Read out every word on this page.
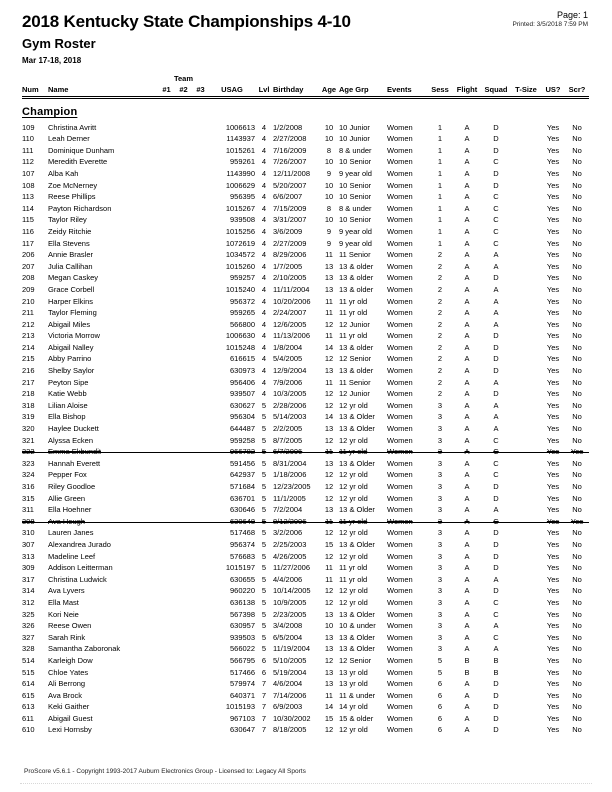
2018 Kentucky State Championships 4-10
Gym Roster
Mar 17-18, 2018
Page: 1
Printed: 3/5/2018 7:59 PM
		Team														
Num	Name	#1	#2	#3	USAG	Lvl	Birthday	Age	Age Grp	Events	Sess	Flight	Squad	T-Size	US?	Scr?
Champion																
109	Christina Avritt				1006613	4	1/2/2008	10	10 Junior	Women	1	A	D		Yes	No
110	Leah Derner				1143937	4	2/27/2008	10	10 Junior	Women	1	A	D		Yes	No
111	Dominique Dunham				1015261	4	7/16/2009	8	8 & under	Women	1	A	D		Yes	No
112	Meredith Everette				959261	4	7/26/2007	10	10 Senior	Women	1	A	C		Yes	No
107	Alba Kah				1143990	4	12/11/2008	9	9 year old	Women	1	A	D		Yes	No
108	Zoe McNerney				1006629	4	5/20/2007	10	10 Senior	Women	1	A	D		Yes	No
113	Reese Phillips				956395	4	6/6/2007	10	10 Senior	Women	1	A	C		Yes	No
114	Payton Richardson				1015267	4	7/15/2009	8	8 & under	Women	1	A	C		Yes	No
115	Taylor Riley				939508	4	3/31/2007	10	10 Senior	Women	1	A	C		Yes	No
116	Zeidy Ritchie				1015256	4	3/6/2009	9	9 year old	Women	1	A	C		Yes	No
117	Ella Stevens				1072619	4	2/27/2009	9	9 year old	Women	1	A	C		Yes	No
206	Annie Brasler				1034572	4	8/29/2006	11	11 Senior	Women	2	A	A		Yes	No
207	Julia Callihan				1015260	4	1/7/2005	13	13 & older	Women	2	A	A		Yes	No
208	Megan Caskey				959257	4	2/10/2005	13	13 & older	Women	2	A	D		Yes	No
209	Grace Corbell				1015240	4	11/11/2004	13	13 & older	Women	2	A	A		Yes	No
210	Harper Elkins				956372	4	10/20/2006	11	11 yr old	Women	2	A	A		Yes	No
211	Taylor Fleming				959265	4	2/24/2007	11	11 yr old	Women	2	A	A		Yes	No
212	Abigail Miles				566800	4	12/6/2005	12	12 Junior	Women	2	A	A		Yes	No
213	Victoria Morrow				1006630	4	11/13/2006	11	11 yr old	Women	2	A	D		Yes	No
214	Abigail Nalley				1015248	4	1/8/2004	14	13 & older	Women	2	A	D		Yes	No
215	Abby Parrino				616615	4	5/4/2005	12	12 Senior	Women	2	A	D		Yes	No
216	Shelby Saylor				630973	4	12/9/2004	13	13 & older	Women	2	A	D		Yes	No
217	Peyton Sipe				956406	4	7/9/2006	11	11 Senior	Women	2	A	A		Yes	No
218	Katie Webb				939507	4	10/3/2005	12	12 Junior	Women	2	A	D		Yes	No
318	Lilian Aloise				630627	5	2/28/2006	12	12 yr old	Women	3	A	A		Yes	No
319	Ella Bishop				956304	5	5/14/2003	14	13 & Older	Women	3	A	A		Yes	No
320	Haylee Duckett				644487	5	2/2/2005	13	13 & Older	Women	3	A	A		Yes	No
321	Alyssa Ecken				959258	5	8/7/2005	12	12 yr old	Women	3	A	C		Yes	No
322	Emma Ekbundit				966782	5	6/7/2006	11	11 yr old	Women	3	A	C		Yes	Yes
323	Hannah Everett				591456	5	8/31/2004	13	13 & Older	Women	3	A	C		Yes	No
324	Pepper Fox				642937	5	1/18/2006	12	12 yr old	Women	3	A	C		Yes	No
316	Riley Goodloe				571684	5	12/23/2005	12	12 yr old	Women	3	A	D		Yes	No
315	Allie Green				636701	5	11/1/2005	12	12 yr old	Women	3	A	D		Yes	No
311	Ella Hoehner				630646	5	7/2/2004	13	13 & Older	Women	3	A	A		Yes	No
308	Ava Hough				630648	5	8/12/2006	11	11 yr old	Women	3	A	C		Yes	Yes
310	Lauren Janes				517468	5	3/2/2006	12	12 yr old	Women	3	A	D		Yes	No
307	Alexandrea Jurado				956374	5	2/25/2003	15	13 & Older	Women	3	A	D		Yes	No
313	Madeline Leef				576683	5	4/26/2005	12	12 yr old	Women	3	A	D		Yes	No
309	Addison Leitterman				1015197	5	11/27/2006	11	11 yr old	Women	3	A	D		Yes	No
317	Christina Ludwick				630655	5	4/4/2006	11	11 yr old	Women	3	A	A		Yes	No
314	Ava Lyvers				960220	5	10/14/2005	12	12 yr old	Women	3	A	D		Yes	No
312	Ella Mast				636138	5	10/9/2005	12	12 yr old	Women	3	A	C		Yes	No
325	Kori Neie				567398	5	2/23/2005	13	13 & Older	Women	3	A	C		Yes	No
326	Reese Owen				630957	5	3/4/2008	10	10 & under	Women	3	A	A		Yes	No
327	Sarah Rink				939503	5	6/5/2004	13	13 & Older	Women	3	A	C		Yes	No
328	Samantha Zaboronak				566022	5	11/19/2004	13	13 & Older	Women	3	A	A		Yes	No
514	Karleigh Dow				566795	6	5/10/2005	12	12 Senior	Women	5	B	B		Yes	No
515	Chloe Yates				517466	6	5/19/2004	13	13 yr old	Women	5	B	B		Yes	No
614	Ali Berrong				579974	7	4/6/2004	13	13 yr old	Women	6	A	D		Yes	No
615	Ava Brock				640371	7	7/14/2006	11	11 & under	Women	6	A	D		Yes	No
613	Keki Gaither				1015193	7	6/9/2003	14	14 yr old	Women	6	A	D		Yes	No
611	Abigail Guest				967103	7	10/30/2002	15	15 & older	Women	6	A	D		Yes	No
610	Lexi Hornsby				630647	7	8/18/2005	12	12 yr old	Women	6	A	D		Yes	No
ProScore v5.6.1 - Copyright 1993-2017 Auburn Electronics Group - Licensed to: Legacy All Sports
